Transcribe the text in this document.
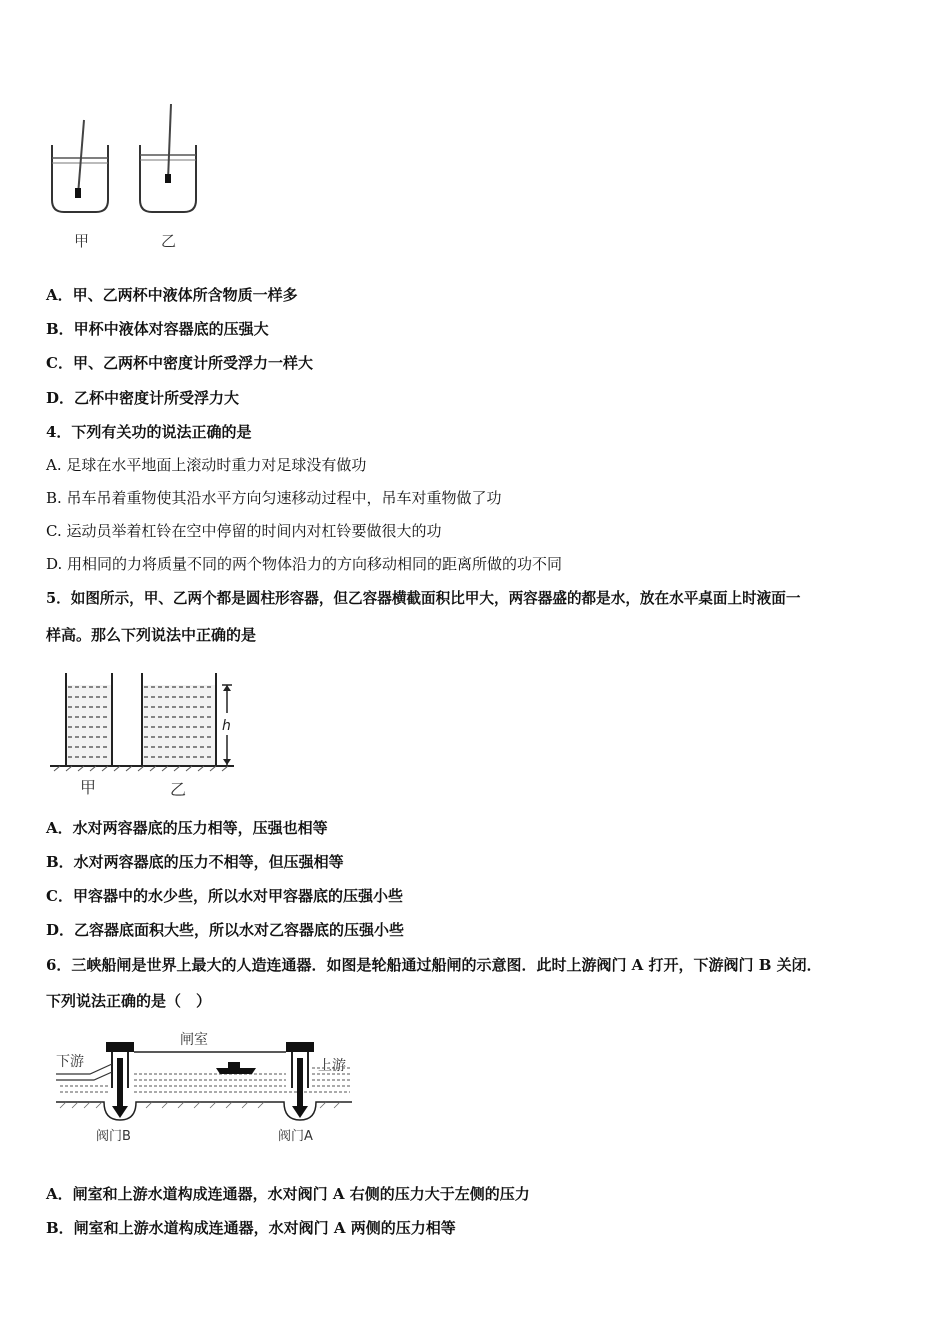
甲	乙
A．甲、乙两杯中液体所含物质一样多
B．甲杯中液体对容器底的压强大
C．甲、乙两杯中密度计所受浮力一样大
D．乙杯中密度计所受浮力大
4．下列有关功的说法正确的是
A. 足球在水平地面上滚动时重力对足球没有做功
B. 吊车吊着重物使其沿水平方向匀速移动过程中，吊车对重物做了功
C. 运动员举着杠铃在空中停留的时间内对杠铃要做很大的功
D. 用相同的力将质量不同的两个物体沿力的方向移动相同的距离所做的功不同
5．如图所示，甲、乙两个都是圆柱形容器，但乙容器横截面积比甲大，两容器盛的都是水，放在水平桌面上时液面一
样高。那么下列说法中正确的是
h
甲	乙
A．水对两容器底的压力相等，压强也相等
B．水对两容器底的压力不相等，但压强相等
C．甲容器中的水少些，所以水对甲容器底的压强小些
D．乙容器底面积大些，所以水对乙容器底的压强小些
6．三峡船闸是世界上最大的人造连通器．如图是轮船通过船闸的示意图．此时上游阀门 A 打开，下游阀门 B 关闭．
下列说法正确的是（　）
闸室
下游	上游
阀门B	阀门A
A．闸室和上游水道构成连通器，水对阀门 A 右侧的压力大于左侧的压力
B．闸室和上游水道构成连通器，水对阀门 A 两侧的压力相等
